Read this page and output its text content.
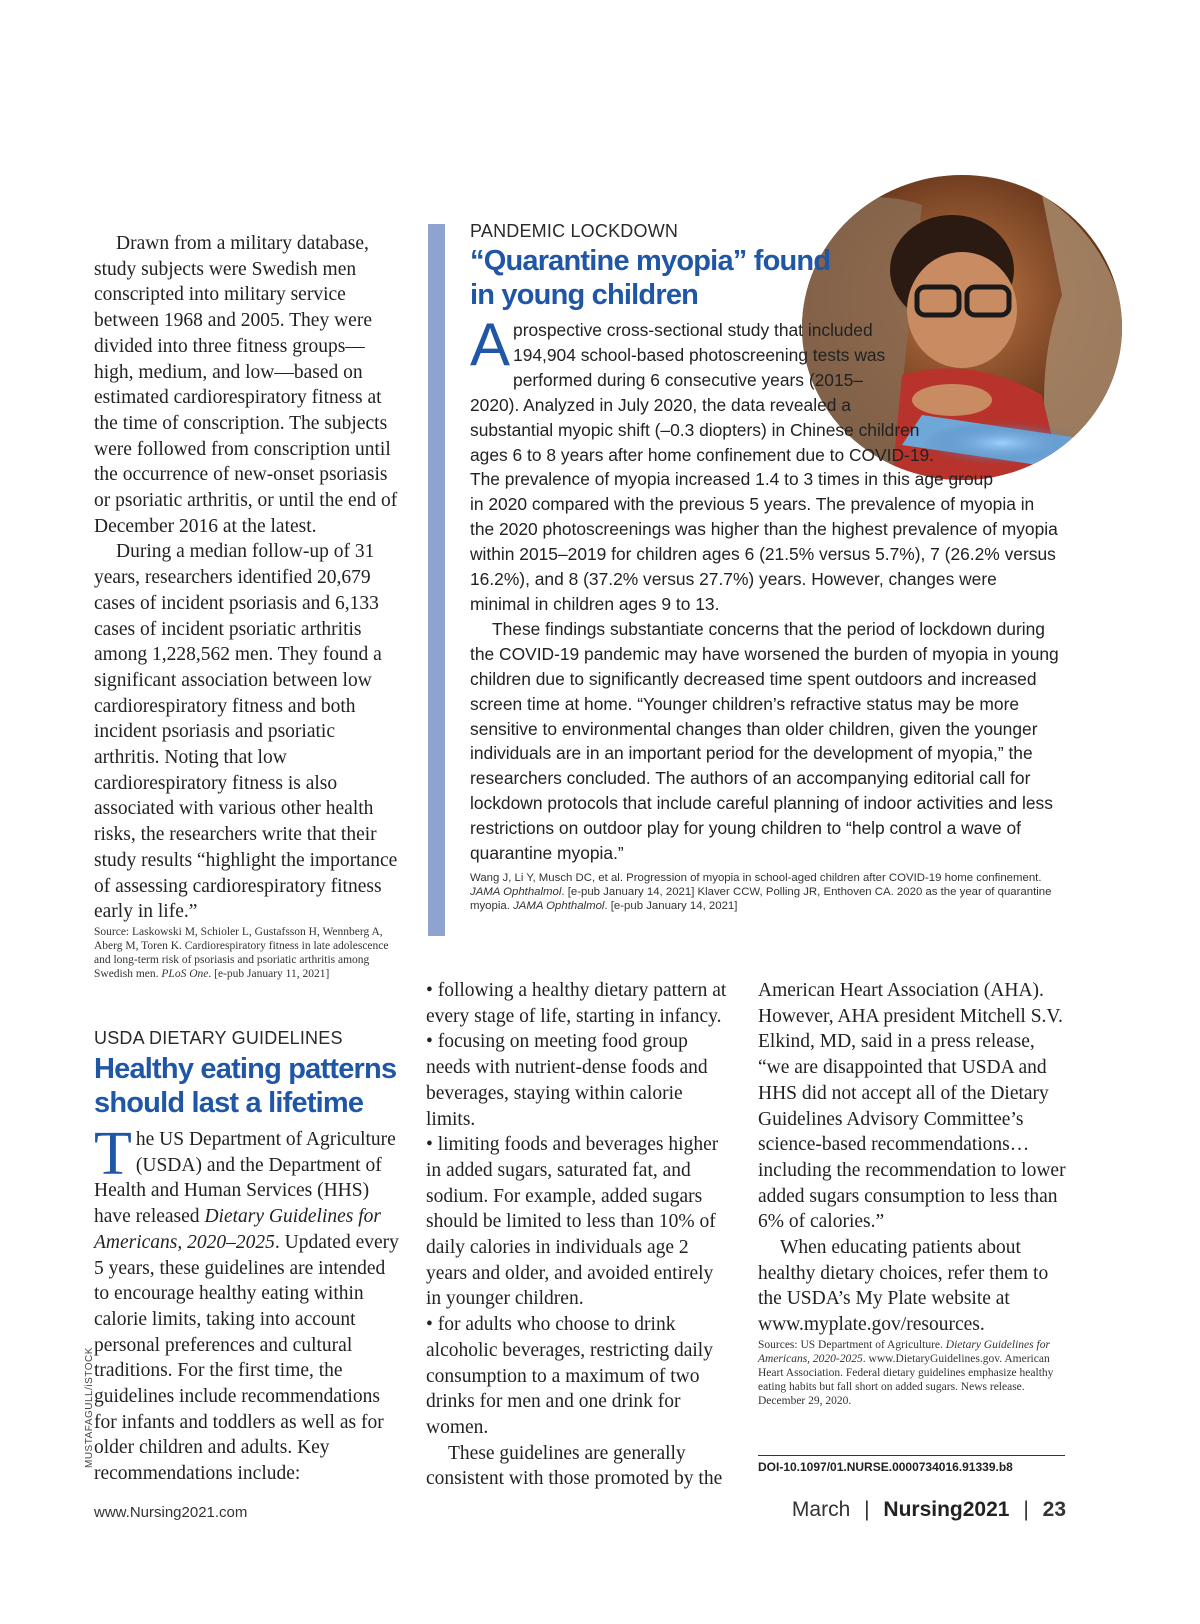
Drawn from a military database, study subjects were Swedish men conscripted into military service between 1968 and 2005. They were divided into three fitness groups—high, medium, and low—based on estimated cardiorespiratory fitness at the time of conscription. The subjects were followed from conscription until the occurrence of new-onset psoriasis or psoriatic arthritis, or until the end of December 2016 at the latest.

During a median follow-up of 31 years, researchers identified 20,679 cases of incident psoriasis and 6,133 cases of incident psoriatic arthritis among 1,228,562 men. They found a significant association between low cardiorespiratory fitness and both incident psoriasis and psoriatic arthritis. Noting that low cardiorespiratory fitness is also associated with various other health risks, the researchers write that their study results “highlight the importance of assessing cardiorespiratory fitness early in life.”

Source: Laskowski M, Schioler L, Gustafsson H, Wennberg A, Aberg M, Toren K. Cardiorespiratory fitness in late adolescence and long-term risk of psoriasis and psoriatic arthritis among Swedish men. PLoS One. [e-pub January 11, 2021]

PANDEMIC LOCKDOWN
“Quarantine myopia” found
in young children

Aprospective cross-sectional study that included 194,904 school-based photoscreening tests was performed during 6 consecutive years (2015–2020). Analyzed in July 2020, the data revealed a substantial myopic shift (–0.3 diopters) in Chinese children ages 6 to 8 years after home confinement due to COVID-19. The prevalence of myopia increased 1.4 to 3 times in this age group in 2020 compared with the previous 5 years. The prevalence of myopia in the 2020 photoscreenings was higher than the highest prevalence of myopia within 2015–2019 for children ages 6 (21.5% versus 5.7%), 7 (26.2% versus 16.2%), and 8 (37.2% versus 27.7%) years. However, changes were minimal in children ages 9 to 13.

These findings substantiate concerns that the period of lockdown during the COVID-19 pandemic may have worsened the burden of myopia in young children due to significantly decreased time spent outdoors and increased screen time at home. “Younger children’s refractive status may be more sensitive to environmental changes than older children, given the younger individuals are in an important period for the development of myopia,” the researchers concluded. The authors of an accompanying editorial call for lockdown protocols that include careful planning of indoor activities and less restrictions on outdoor play for young children to “help control a wave of quarantine myopia.”

Wang J, Li Y, Musch DC, et al. Progression of myopia in school-aged children after COVID-19 home confinement. JAMA Ophthalmol. [e-pub January 14, 2021] Klaver CCW, Polling JR, Enthoven CA. 2020 as the year of quarantine myopia. JAMA Ophthalmol. [e-pub January 14, 2021]

USDA DIETARY GUIDELINES
Healthy eating patterns
should last a lifetime

The US Department of Agriculture (USDA) and the Department of Health and Human Services (HHS) have released Dietary Guidelines for Americans, 2020–2025. Updated every 5 years, these guidelines are intended to encourage healthy eating within calorie limits, taking into account personal preferences and cultural traditions. For the first time, the guidelines include recommendations for infants and toddlers as well as for older children and adults. Key recommendations include:

• following a healthy dietary pattern at every stage of life, starting in infancy.

• focusing on meeting food group needs with nutrient-dense foods and beverages, staying within calorie limits.

• limiting foods and beverages higher in added sugars, saturated fat, and sodium. For example, added sugars should be limited to less than 10% of daily calories in individuals age 2 years and older, and avoided entirely in younger children.

• for adults who choose to drink alcoholic beverages, restricting daily consumption to a maximum of two drinks for men and one drink for women.

These guidelines are generally consistent with those promoted by the

American Heart Association (AHA). However, AHA president Mitchell S.V. Elkind, MD, said in a press release, “we are disappointed that USDA and HHS did not accept all of the Dietary Guidelines Advisory Committee’s science-based recommendations…including the recommendation to lower added sugars consumption to less than 6% of calories.”

When educating patients about healthy dietary choices, refer them to the USDA’s My Plate website at www.myplate.gov/resources.

Sources: US Department of Agriculture. Dietary Guidelines for Americans, 2020-2025. www.DietaryGuidelines.gov. American Heart Association. Federal dietary guidelines emphasize healthy eating habits but fall short on added sugars. News release. December 29, 2020.

DOI-10.1097/01.NURSE.0000734016.91339.b8
MUSTAFAGULL/iSTOCK
www.Nursing2021.com	March | Nursing2021 | 23
